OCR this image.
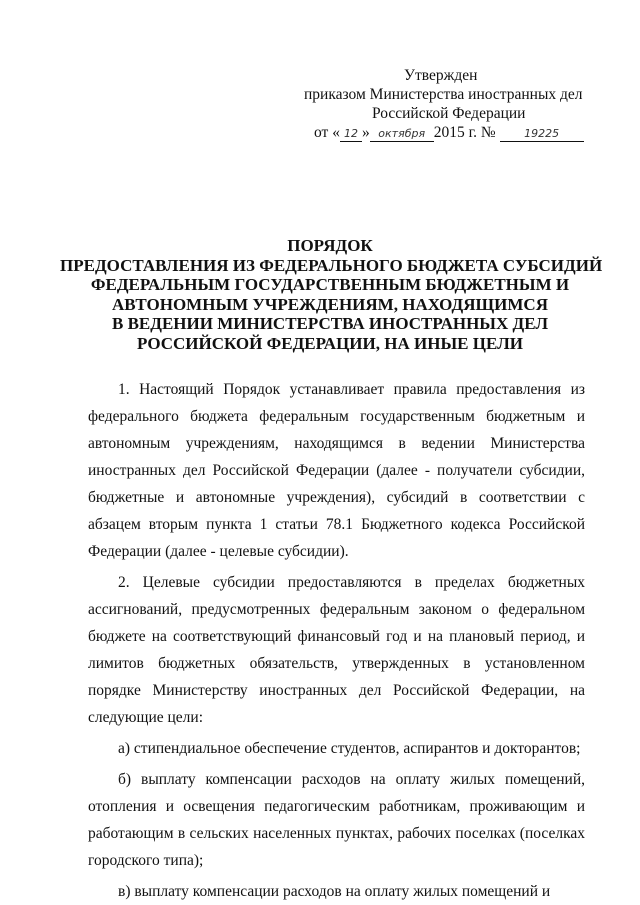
Утвержден
приказом Министерства иностранных дел
Российской Федерации
от « 12 » октября 2015 г. №	19225
ПОРЯДОК
ПРЕДОСТАВЛЕНИЯ ИЗ ФЕДЕРАЛЬНОГО БЮДЖЕТА СУБСИДИЙ
ФЕДЕРАЛЬНЫМ ГОСУДАРСТВЕННЫМ БЮДЖЕТНЫМ И
АВТОНОМНЫМ УЧРЕЖДЕНИЯМ, НАХОДЯЩИМСЯ
В ВЕДЕНИИ МИНИСТЕРСТВА ИНОСТРАННЫХ ДЕЛ
РОССИЙСКОЙ ФЕДЕРАЦИИ, НА ИНЫЕ ЦЕЛИ

1. Настоящий Порядок устанавливает правила предоставления из федерального бюджета федеральным государственным бюджетным и автономным учреждениям, находящимся в ведении Министерства иностранных дел Российской Федерации (далее - получатели субсидии, бюджетные и автономные учреждения), субсидий в соответствии с абзацем вторым пункта 1 статьи 78.1 Бюджетного кодекса Российской Федерации (далее - целевые субсидии).

2. Целевые субсидии предоставляются в пределах бюджетных ассигнований, предусмотренных федеральным законом о федеральном бюджете на соответствующий финансовый год и на плановый период, и лимитов бюджетных обязательств, утвержденных в установленном порядке Министерству иностранных дел Российской Федерации, на следующие цели:

а) стипендиальное обеспечение студентов, аспирантов и докторантов;

б) выплату компенсации расходов на оплату жилых помещений, отопления и освещения педагогическим работникам, проживающим и работающим в сельских населенных пунктах, рабочих поселках (поселках городского типа);

в) выплату компенсации расходов на оплату жилых помещений и
